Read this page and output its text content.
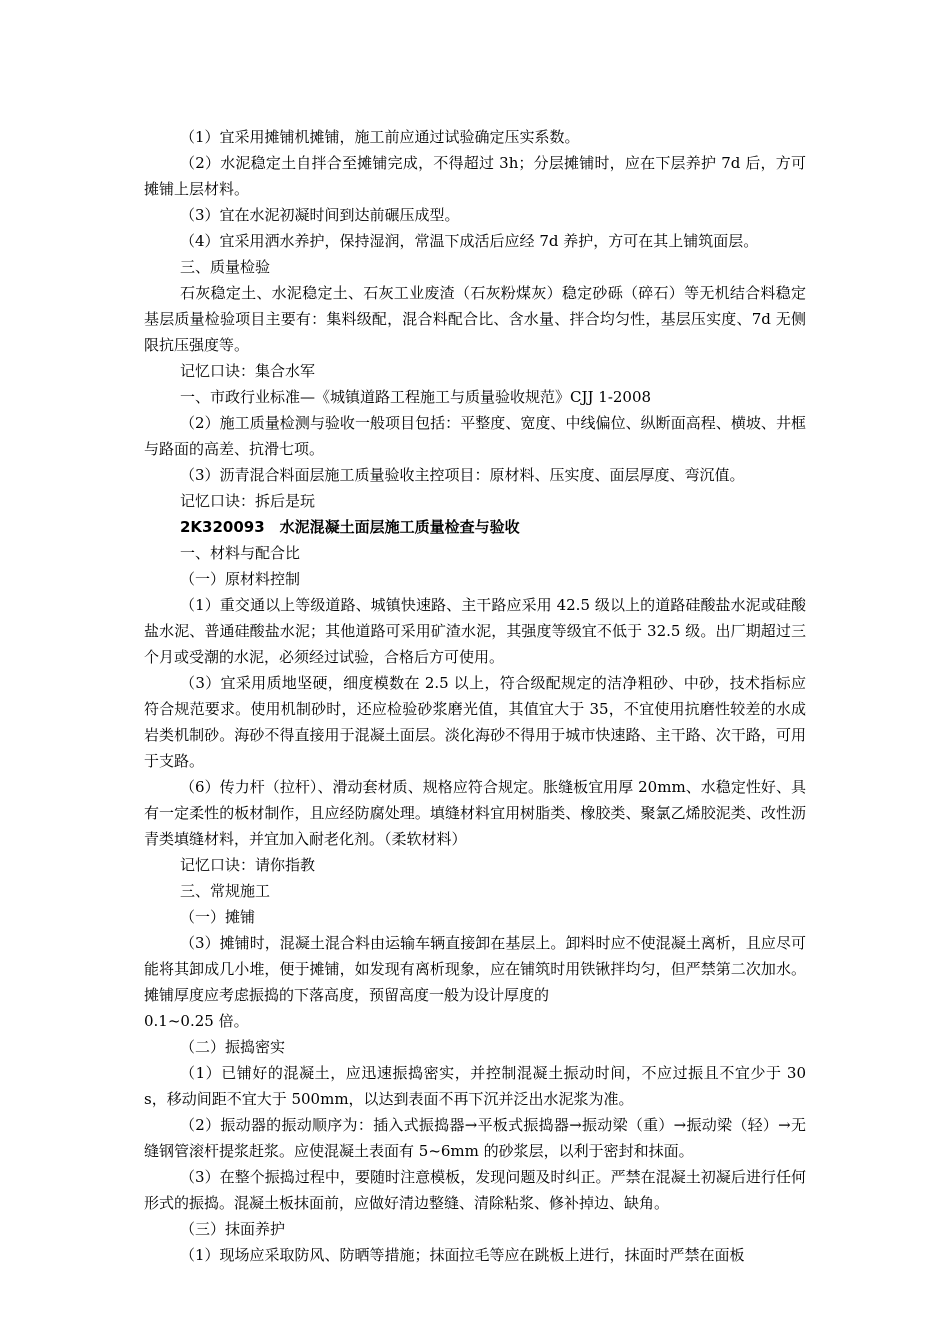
（1）宜采用摊铺机摊铺，施工前应通过试验确定压实系数。

（2）水泥稳定土自拌合至摊铺完成，不得超过 3h；分层摊铺时，应在下层养护 7d 后，方可摊铺上层材料。

（3）宜在水泥初凝时间到达前碾压成型。

（4）宜采用洒水养护，保持湿润，常温下成活后应经 7d 养护，方可在其上铺筑面层。

三、质量检验

石灰稳定土、水泥稳定土、石灰工业废渣（石灰粉煤灰）稳定砂砾（碎石）等无机结合料稳定基层质量检验项目主要有：集料级配，混合料配合比、含水量、拌合均匀性，基层压实度、7d 无侧限抗压强度等。

记忆口诀：集合水军

一、市政行业标准—《城镇道路工程施工与质量验收规范》CJJ 1-2008

（2）施工质量检测与验收一般项目包括：平整度、宽度、中线偏位、纵断面高程、横坡、井框与路面的高差、抗滑七项。

（3）沥青混合料面层施工质量验收主控项目：原材料、压实度、面层厚度、弯沉值。

记忆口诀：拆后是玩

2K320093　水泥混凝土面层施工质量检查与验收

一、材料与配合比

（一）原材料控制

（1）重交通以上等级道路、城镇快速路、主干路应采用 42.5 级以上的道路硅酸盐水泥或硅酸盐水泥、普通硅酸盐水泥；其他道路可采用矿渣水泥，其强度等级宜不低于 32.5 级。出厂期超过三个月或受潮的水泥，必须经过试验，合格后方可使用。

（3）宜采用质地坚硬，细度模数在 2.5 以上，符合级配规定的洁净粗砂、中砂，技术指标应符合规范要求。使用机制砂时，还应检验砂浆磨光值，其值宜大于 35，不宜使用抗磨性较差的水成岩类机制砂。海砂不得直接用于混凝土面层。淡化海砂不得用于城市快速路、主干路、次干路，可用于支路。

（6）传力杆（拉杆）、滑动套材质、规格应符合规定。胀缝板宜用厚 20mm、水稳定性好、具有一定柔性的板材制作，且应经防腐处理。填缝材料宜用树脂类、橡胶类、聚氯乙烯胶泥类、改性沥青类填缝材料，并宜加入耐老化剂。（柔软材料）

记忆口诀：请你指教

三、常规施工

（一）摊铺

（3）摊铺时，混凝土混合料由运输车辆直接卸在基层上。卸料时应不使混凝土离析，且应尽可能将其卸成几小堆，便于摊铺，如发现有离析现象，应在铺筑时用铁锹拌均匀，但严禁第二次加水。摊铺厚度应考虑振捣的下落高度，预留高度一般为设计厚度的

0.1~0.25 倍。

（二）振捣密实

（1）已铺好的混凝土，应迅速振捣密实，并控制混凝土振动时间，不应过振且不宜少于 30s，移动间距不宜大于 500mm，以达到表面不再下沉并泛出水泥浆为准。

（2）振动器的振动顺序为：插入式振捣器→平板式振捣器→振动梁（重）→振动梁（轻）→无缝钢管滚杆提浆赶浆。应使混凝土表面有 5~6mm 的砂浆层，以利于密封和抹面。

（3）在整个振捣过程中，要随时注意模板，发现问题及时纠正。严禁在混凝土初凝后进行任何形式的振捣。混凝土板抹面前，应做好清边整缝、清除粘浆、修补掉边、缺角。

（三）抹面养护

（1）现场应采取防风、防晒等措施；抹面拉毛等应在跳板上进行，抹面时严禁在面板
